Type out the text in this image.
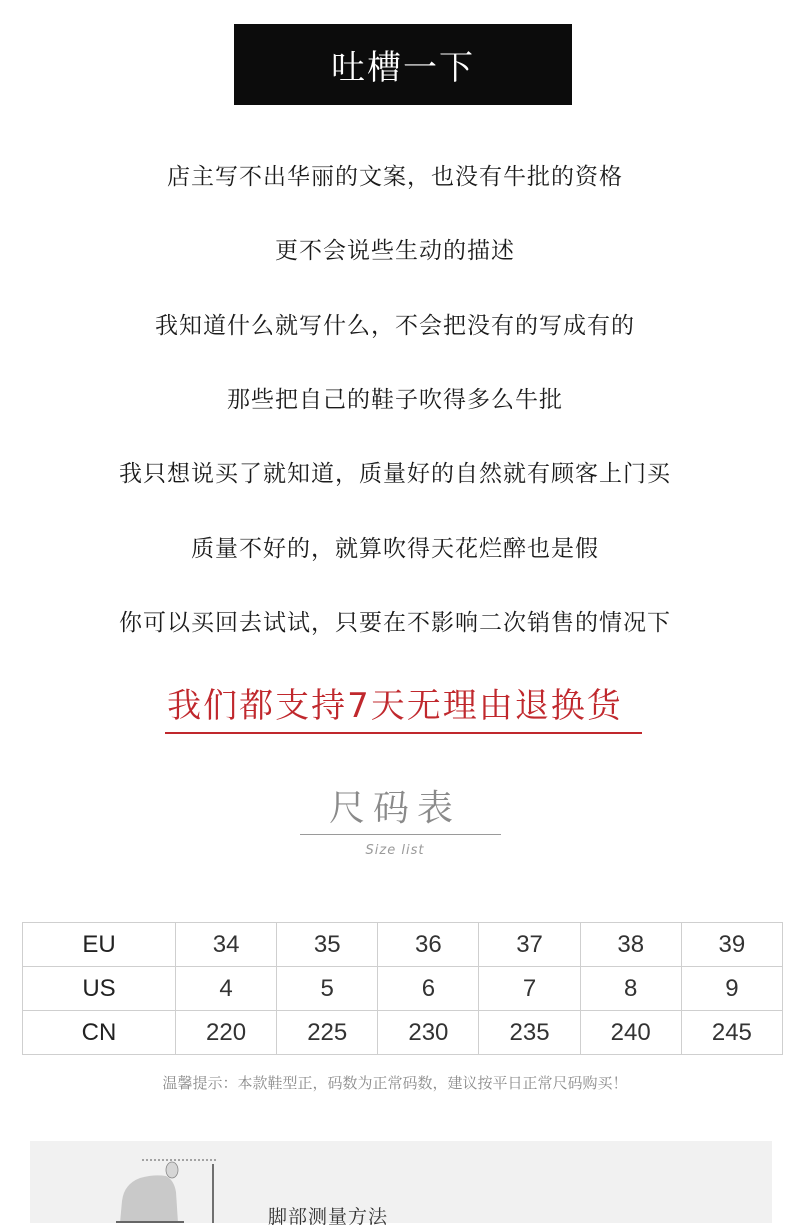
吐槽一下
店主写不出华丽的文案，也没有牛批的资格
更不会说些生动的描述
我知道什么就写什么，不会把没有的写成有的
那些把自己的鞋子吹得多么牛批
我只想说买了就知道，质量好的自然就有顾客上门买
质量不好的，就算吹得天花烂醉也是假
你可以买回去试试，只要在不影响二次销售的情况下
我们都支持7天无理由退换货
尺码表
Size list
EU	34	35	36	37	38	39
US	4	5	6	7	8	9
CN	220	225	230	235	240	245
温馨提示：本款鞋型正，码数为正常码数，建议按平日正常尺码购买！
脚部测量方法
